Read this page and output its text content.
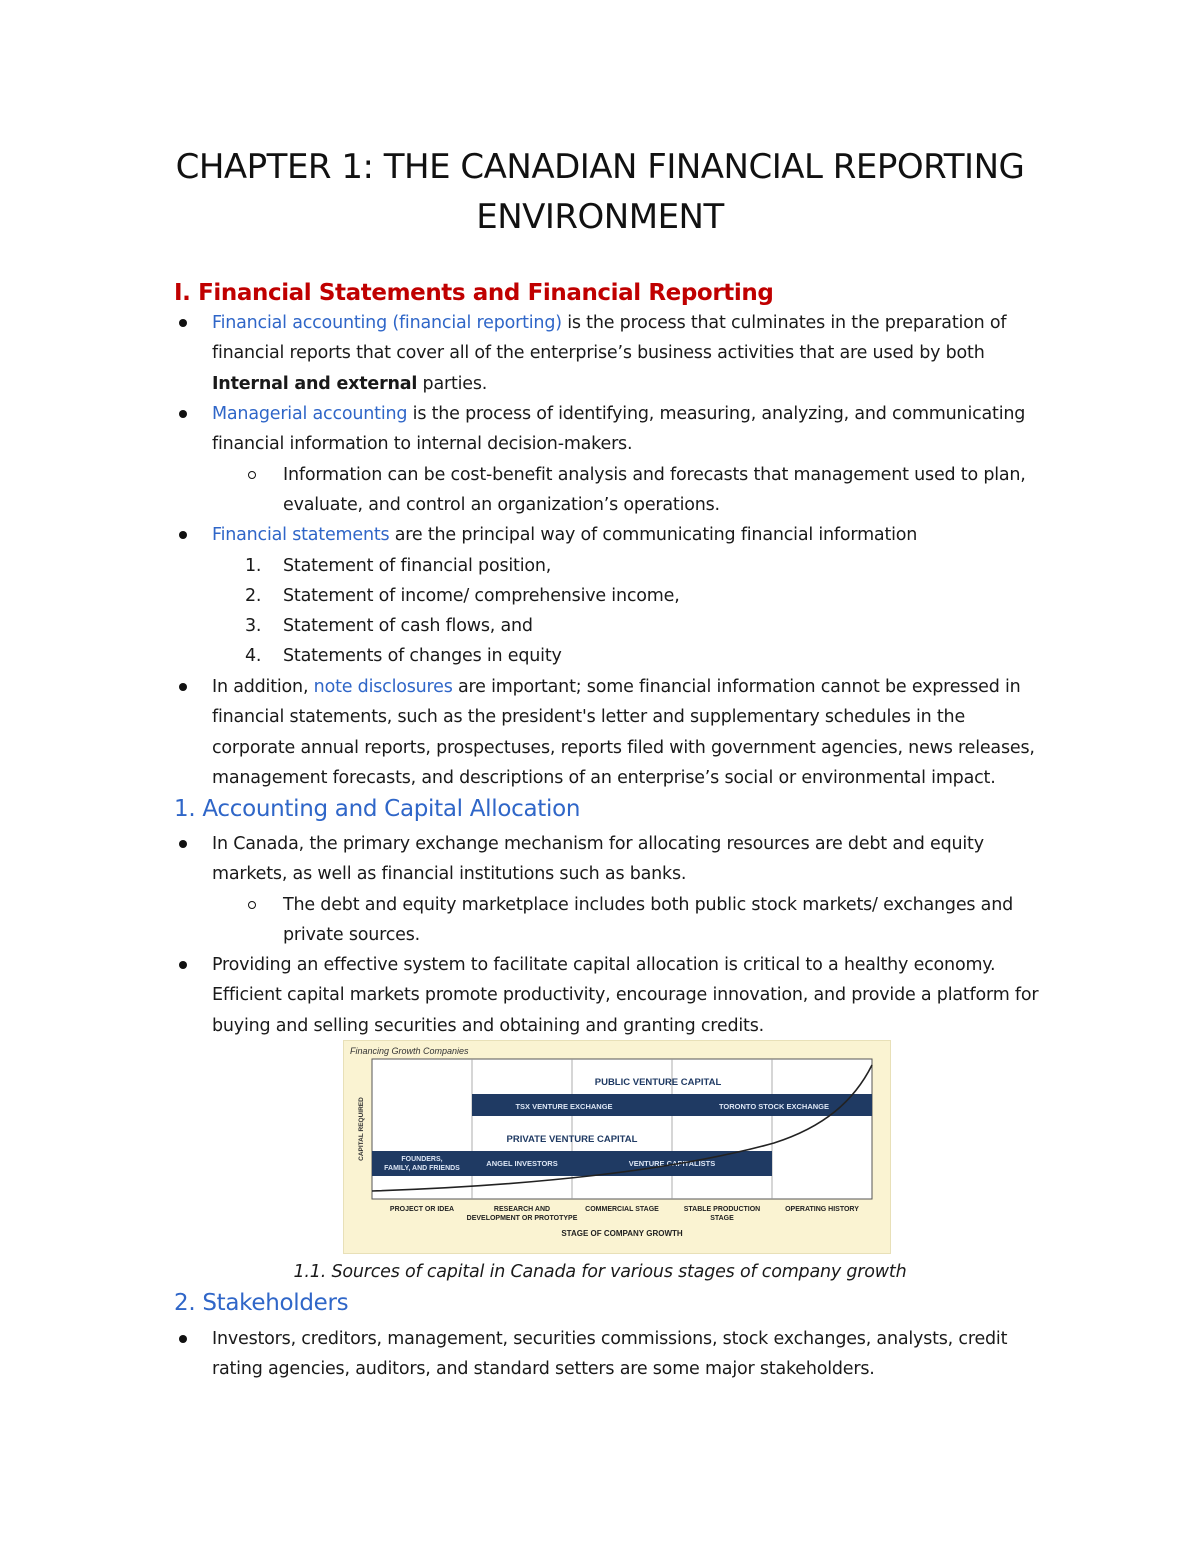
CHAPTER 1: THE CANADIAN FINANCIAL REPORTING
ENVIRONMENT
I. Financial Statements and Financial Reporting
Financial accounting (financial reporting) is the process that culminates in the preparation of
financial reports that cover all of the enterprise’s business activities that are used by both
Internal and external parties.
Managerial accounting is the process of identifying, measuring, analyzing, and communicating
financial information to internal decision-makers.
Information can be cost-benefit analysis and forecasts that management used to plan,
evaluate, and control an organization’s operations.
Financial statements are the principal way of communicating financial information
1. Statement of financial position,
2. Statement of income/ comprehensive income,
3. Statement of cash flows, and
4. Statements of changes in equity
In addition, note disclosures are important; some financial information cannot be expressed in
financial statements, such as the president's letter and supplementary schedules in the
corporate annual reports, prospectuses, reports filed with government agencies, news releases,
management forecasts, and descriptions of an enterprise’s social or environmental impact.
1. Accounting and Capital Allocation
In Canada, the primary exchange mechanism for allocating resources are debt and equity
markets, as well as financial institutions such as banks.
The debt and equity marketplace includes both public stock markets/ exchanges and
private sources.
Providing an effective system to facilitate capital allocation is critical to a healthy economy.
Efficient capital markets promote productivity, encourage innovation, and provide a platform for
buying and selling securities and obtaining and granting credits.
Financing Growth Companies
PUBLIC VENTURE CAPITAL
TSX VENTURE EXCHANGE	TORONTO STOCK EXCHANGE
PRIVATE VENTURE CAPITAL
FOUNDERS,
FAMILY, AND FRIENDS
ANGEL INVESTORS	VENTURE CAPITALISTS
CAPITAL REQUIRED
PROJECT OR IDEA	RESEARCH AND
DEVELOPMENT OR PROTOTYPE
COMMERCIAL STAGE	STABLE PRODUCTION
STAGE
OPERATING HISTORY
STAGE OF COMPANY GROWTH
1.1. Sources of capital in Canada for various stages of company growth
2. Stakeholders
Investors, creditors, management, securities commissions, stock exchanges, analysts, credit
rating agencies, auditors, and standard setters are some major stakeholders.
